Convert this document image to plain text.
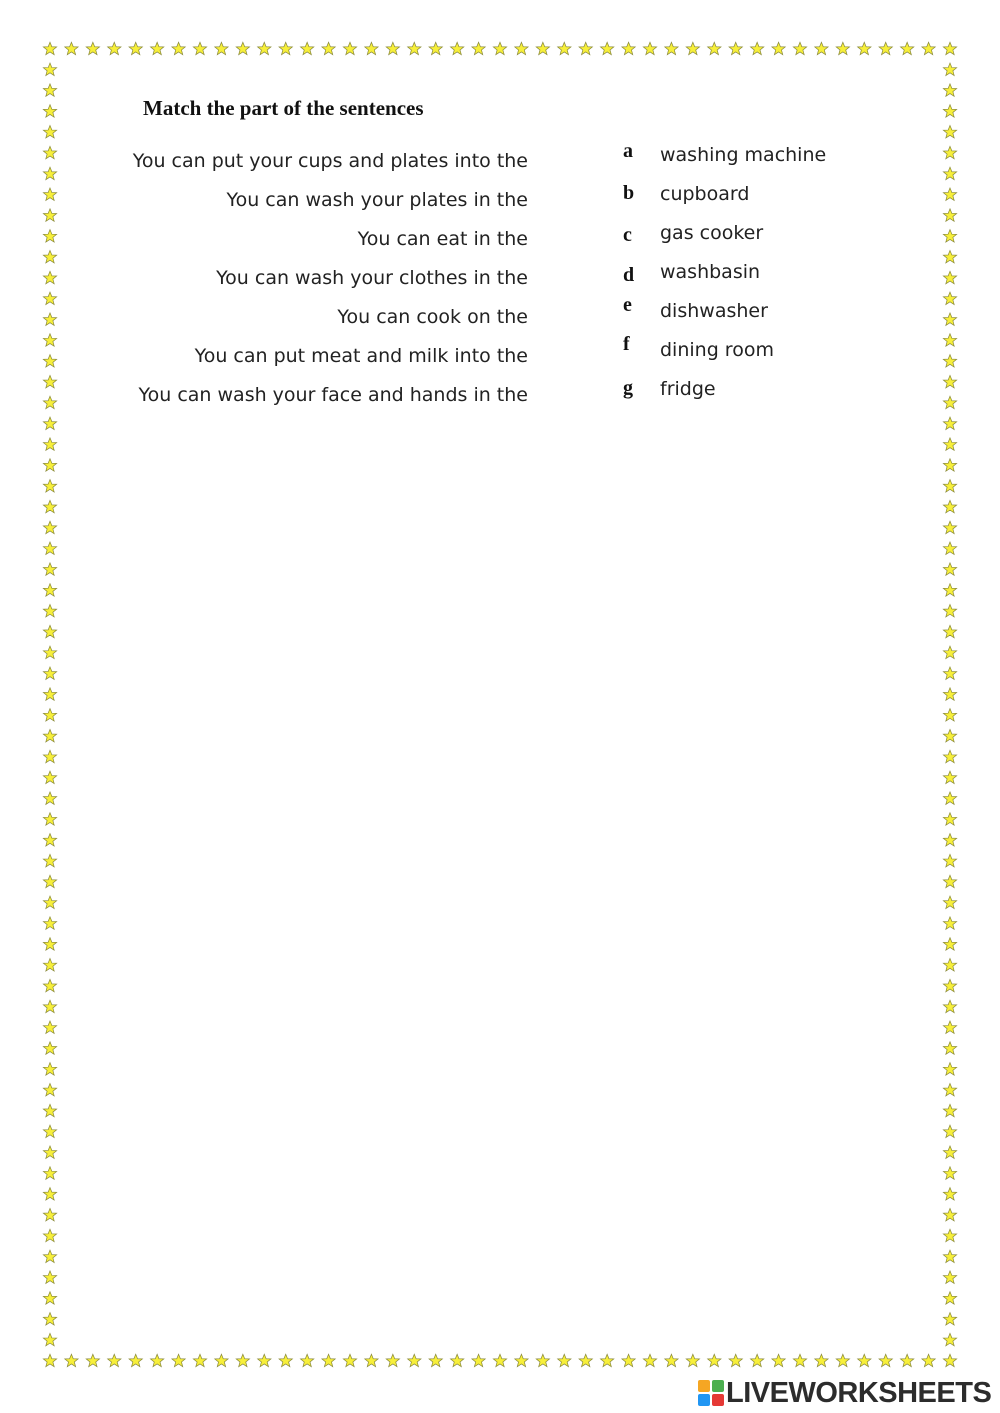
Match the part of the sentences
You can put your cups and plates into the
You can wash your plates in the
You can eat in the
You can wash your clothes in the
You can cook on the
You can put meat and milk into the
You can wash your face and hands in the
a	washing machine
b	cupboard
c	gas cooker
d	washbasin
e	dishwasher
f	dining room
g	fridge
LIVEWORKSHEETS
